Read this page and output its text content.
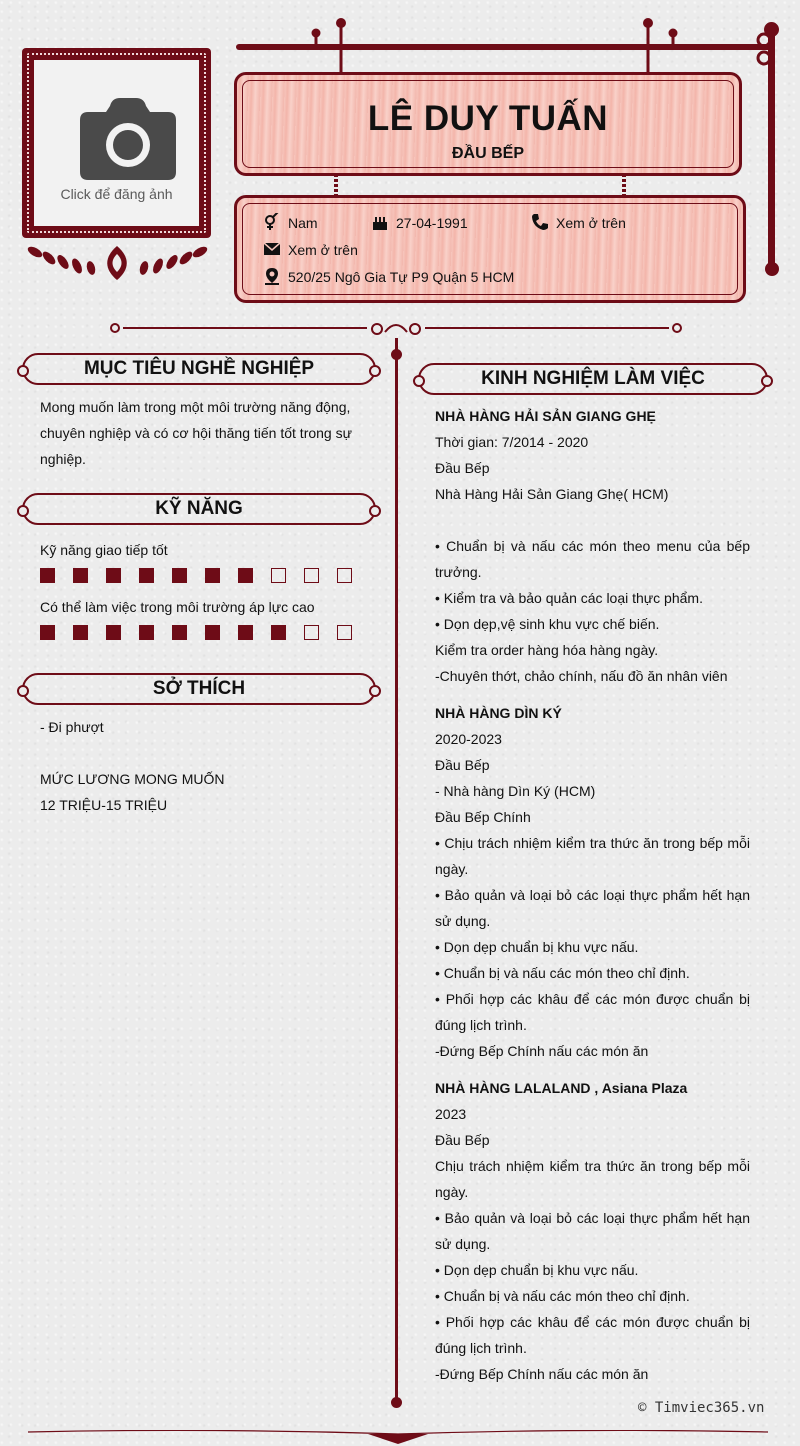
Click để đăng ảnh
LÊ DUY TUẤN
ĐẦU BẾP
Nam	27-04-1991	Xem ở trên
Xem ở trên
520/25 Ngô Gia Tự P9 Quận 5 HCM
MỤC TIÊU NGHỀ NGHIỆP
Mong muốn làm trong một môi trường năng động, chuyên nghiệp và có cơ hội thăng tiến tốt trong sự nghiệp.
KỸ NĂNG
Kỹ năng giao tiếp tốt
Có thể làm việc trong môi trường áp lực cao
SỞ THÍCH
- Đi phượt
MỨC LƯƠNG MONG MUỐN
12 TRIỆU-15 TRIỆU
KINH NGHIỆM LÀM VIỆC

NHÀ HÀNG HẢI SẢN GIANG GHẸ

Thời gian: 7/2014 - 2020

Đầu Bếp

Nhà Hàng Hải Sản Giang Ghẹ( HCM)

• Chuẩn bị và nấu các món theo menu của bếp trưởng.

• Kiểm tra và bảo quản các loại thực phẩm.

• Dọn dẹp,vệ sinh khu vực chế biến.

Kiểm tra order hàng hóa hàng ngày.

-Chuyên thớt, chảo chính, nấu đồ ăn nhân viên

NHÀ HÀNG DÌN KÝ

2020-2023

Đầu Bếp

- Nhà hàng Dìn Ký (HCM)

Đầu Bếp Chính

• Chịu trách nhiệm kiểm tra thức ăn trong bếp mỗi ngày.

• Bảo quản và loại bỏ các loại thực phẩm hết hạn sử dụng.

• Dọn dẹp chuẩn bị khu vực nấu.

• Chuẩn bị và nấu các món theo chỉ định.

• Phối hợp các khâu để các món được chuẩn bị đúng lịch trình.

-Đứng Bếp Chính nấu các món ăn

NHÀ HÀNG LALALAND , Asiana Plaza

2023

Đầu Bếp

Chịu trách nhiệm kiểm tra thức ăn trong bếp mỗi ngày.

• Bảo quản và loại bỏ các loại thực phẩm hết hạn sử dụng.

• Dọn dẹp chuẩn bị khu vực nấu.

• Chuẩn bị và nấu các món theo chỉ định.

• Phối hợp các khâu để các món được chuẩn bị đúng lịch trình.

-Đứng Bếp Chính nấu các món ăn

© Timviec365.vn
